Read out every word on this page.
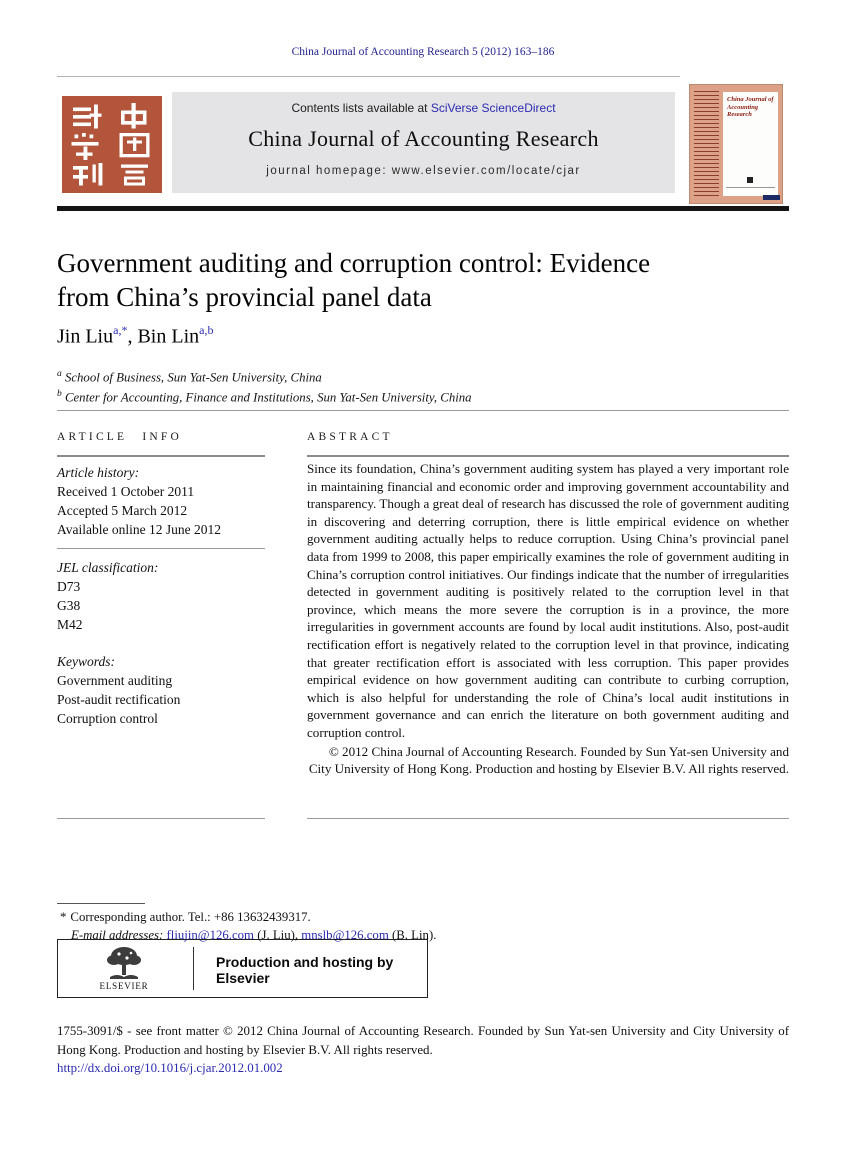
China Journal of Accounting Research 5 (2012) 163–186
Contents lists available at SciVerse ScienceDirect
China Journal of Accounting Research
journal homepage: www.elsevier.com/locate/cjar
China Journal of Accounting Research
Government auditing and corruption control: Evidence
from China’s provincial panel data
Jin Liu$^{a,*}$, Bin Lin$^{a,b}$
$^a$ School of Business, Sun Yat-Sen University, China
$^b$ Center for Accounting, Finance and Institutions, Sun Yat-Sen University, China
ARTICLE INFO	ABSTRACT
Article history:
Received 1 October 2011
Accepted 5 March 2012
Available online 12 June 2012
JEL classification:
D73
G38
M42
Keywords:
Government auditing
Post-audit rectification
Corruption control
Since its foundation, China’s government auditing system has played a very important role in maintaining financial and economic order and improving government accountability and transparency. Though a great deal of research has discussed the role of government auditing in discovering and deterring corruption, there is little empirical evidence on whether government auditing actually helps to reduce corruption. Using China’s provincial panel data from 1999 to 2008, this paper empirically examines the role of government auditing in China’s corruption control initiatives. Our findings indicate that the number of irregularities detected in government auditing is positively related to the corruption level in that province, which means the more severe the corruption is in a province, the more irregularities in government accounts are found by local audit institutions. Also, post-audit rectification effort is negatively related to the corruption level in that province, indicating that greater rectification effort is associated with less corruption. This paper provides empirical evidence on how government auditing can contribute to curbing corruption, which is also helpful for understanding the role of China’s local audit institutions in government governance and can enrich the literature on both government auditing and corruption control.
© 2012 China Journal of Accounting Research. Founded by Sun Yat-sen University and City University of Hong Kong. Production and hosting by Elsevier B.V. All rights reserved.
* Corresponding author. Tel.: +86 13632439317.
E-mail addresses: fliujin@126.com (J. Liu), mnslb@126.com (B. Lin).
ELSEVIER
Production and hosting by Elsevier

1755-3091/$ - see front matter © 2012 China Journal of Accounting Research. Founded by Sun Yat-sen University and City University of Hong Kong. Production and hosting by Elsevier B.V. All rights reserved.

http://dx.doi.org/10.1016/j.cjar.2012.01.002
